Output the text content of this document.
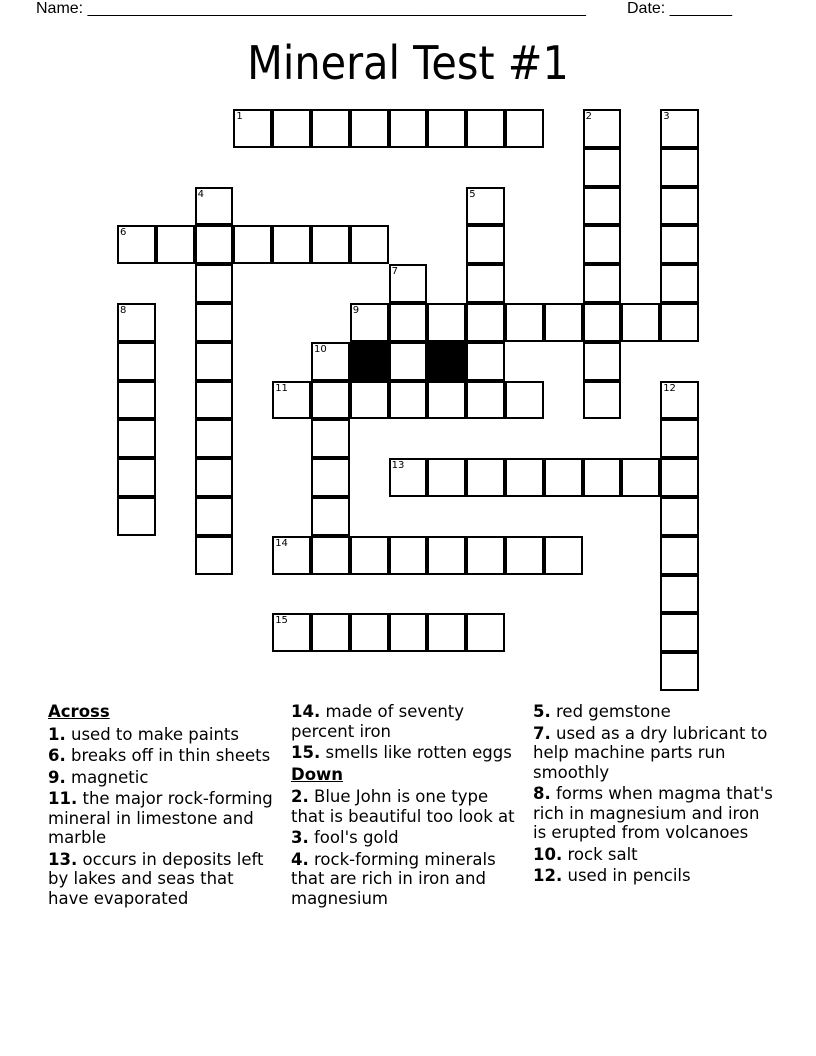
Name: ________________________________________________________	Date: _______
Mineral Test #1
1	2	3
4	5
6
7
8	9
10
11	12
13
14
15
Across
1. used to make paints
6. breaks off in thin sheets
9. magnetic
11. the major rock-forming mineral in limestone and marble
13. occurs in deposits left by lakes and seas that have evaporated
14. made of seventy percent iron
15. smells like rotten eggs
Down
2. Blue John is one type that is beautiful too look at
3. fool's gold
4. rock-forming minerals that are rich in iron and magnesium
5. red gemstone
7. used as a dry lubricant to help machine parts run smoothly
8. forms when magma that's rich in magnesium and iron is erupted from volcanoes
10. rock salt
12. used in pencils
